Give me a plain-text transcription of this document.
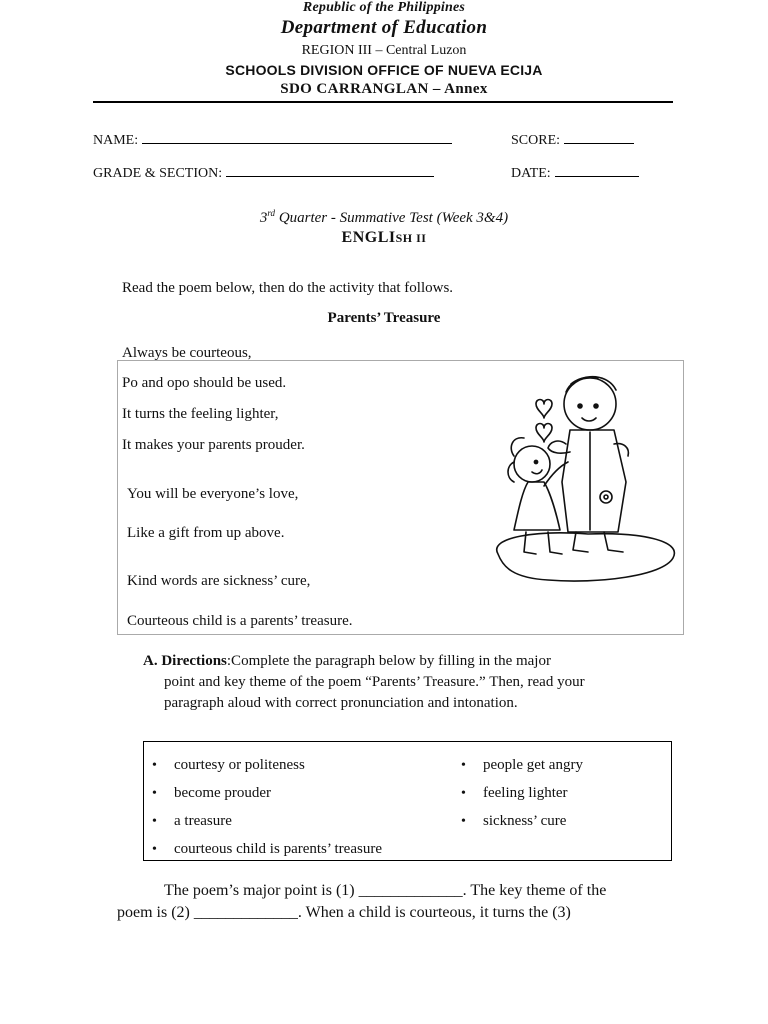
Republic of the Philippines
Department of Education
REGION III – Central Luzon
SCHOOLS DIVISION OFFICE OF NUEVA ECIJA
SDO CARRANGLAN – Annex
NAME:	SCORE:
GRADE & SECTION:	DATE:
3rd Quarter - Summative Test (Week 3&4)
ENGLISH II
Read the poem below, then do the activity that follows.
Parents’ Treasure
Always be courteous,
Po and opo should be used.
It turns the feeling lighter,
It makes your parents prouder.
You will be everyone’s love,
Like a gift from up above.
Kind words are sickness’ cure,
Courteous child is a parents’ treasure.
A. Directions:Complete the paragraph below by filling in the major
point and key theme of the poem “Parents’ Treasure.” Then, read your
paragraph aloud with correct pronunciation and intonation.
• courtesy or politeness
• become prouder
• a treasure
• courteous child is parents’ treasure
• people get angry
• feeling lighter
• sickness’ cure
The poem’s major point is (1) _____________. The key theme of the
poem is (2) _____________. When a child is courteous, it turns the (3)
